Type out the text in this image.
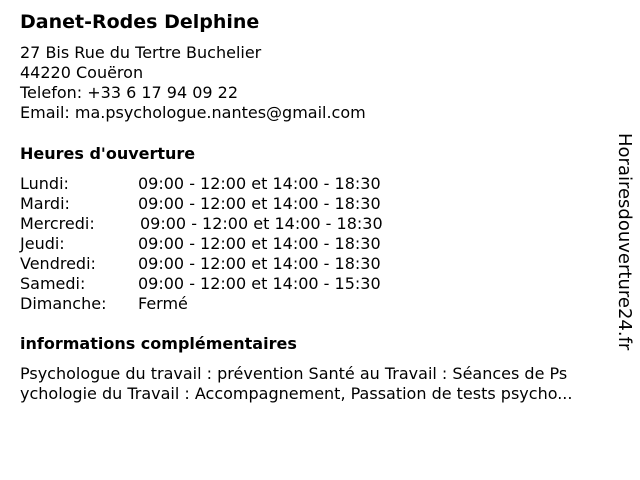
Danet-Rodes Delphine
27 Bis Rue du Tertre Buchelier
44220 Couëron
Telefon: +33 6 17 94 09 22
Email: ma.psychologue.nantes@gmail.com
Heures d'ouverture
Lundi:	09:00 - 12:00 et 14:00 - 18:30
Mardi:	09:00 - 12:00 et 14:00 - 18:30
Mercredi:	09:00 - 12:00 et 14:00 - 18:30
Jeudi:	09:00 - 12:00 et 14:00 - 18:30
Vendredi:	09:00 - 12:00 et 14:00 - 18:30
Samedi:	09:00 - 12:00 et 14:00 - 15:30
Dimanche: Fermé
informations complémentaires
Psychologue du travail : prévention Santé au Travail : Séances de Ps
ychologie du Travail : Accompagnement, Passation de tests psycho...
Horairesdouverture24.fr
